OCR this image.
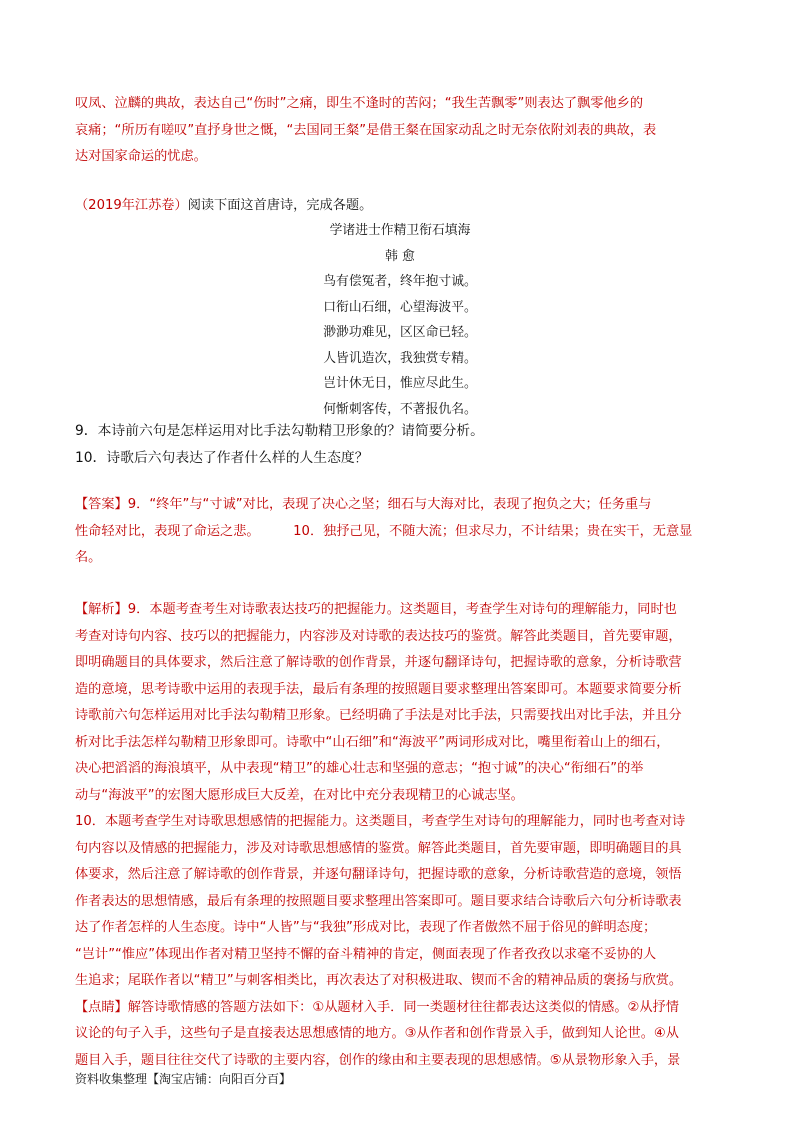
叹凤、泣麟的典故，表达自己“伤时”之痛，即生不逢时的苦闷；“我生苦飘零”则表达了飘零他乡的
哀痛；“所历有嗟叹”直抒身世之慨，“去国同王粲”是借王粲在国家动乱之时无奈依附刘表的典故，表
达对国家命运的忧虑。
（2019年江苏卷）阅读下面这首唐诗，完成各题。
学诸进士作精卫衔石填海
韩 愈
鸟有偿冤者，终年抱寸诚。
口衔山石细，心望海波平。
渺渺功难见，区区命已轻。
人皆讥造次，我独赏专精。
岂计休无日，惟应尽此生。
何惭刺客传，不著报仇名。
9．本诗前六句是怎样运用对比手法勾勒精卫形象的？请简要分析。
10．诗歌后六句表达了作者什么样的人生态度？
【答案】9．“终年”与“寸诚”对比，表现了决心之坚；细石与大海对比，表现了抱负之大；任务重与
性命轻对比，表现了命运之悲。        10．独抒己见，不随大流；但求尽力，不计结果；贵在实干，无意显
名。
【解析】9．本题考查考生对诗歌表达技巧的把握能力。这类题目，考查学生对诗句的理解能力，同时也
考查对诗句内容、技巧以的把握能力，内容涉及对诗歌的表达技巧的鉴赏。解答此类题目，首先要审题，
即明确题目的具体要求，然后注意了解诗歌的创作背景，并逐句翻译诗句，把握诗歌的意象，分析诗歌营
造的意境，思考诗歌中运用的表现手法，最后有条理的按照题目要求整理出答案即可。本题要求简要分析
诗歌前六句怎样运用对比手法勾勒精卫形象。已经明确了手法是对比手法，只需要找出对比手法，并且分
析对比手法怎样勾勒精卫形象即可。诗歌中“山石细”和“海波平”两词形成对比，嘴里衔着山上的细石，
决心把滔滔的海浪填平，从中表现“精卫”的雄心壮志和坚强的意志；“抱寸诚”的决心“衔细石”的举
动与“海波平”的宏图大愿形成巨大反差，在对比中充分表现精卫的心诚志坚。
10．本题考查学生对诗歌思想感情的把握能力。这类题目，考查学生对诗句的理解能力，同时也考查对诗
句内容以及情感的把握能力，涉及对诗歌思想感情的鉴赏。解答此类题目，首先要审题，即明确题目的具
体要求，然后注意了解诗歌的创作背景，并逐句翻译诗句，把握诗歌的意象，分析诗歌营造的意境，领悟
作者表达的思想情感，最后有条理的按照题目要求整理出答案即可。题目要求结合诗歌后六句分析诗歌表
达了作者怎样的人生态度。诗中“人皆”与“我独”形成对比，表现了作者傲然不屈于俗见的鲜明态度；
“岂计”“惟应”体现出作者对精卫坚持不懈的奋斗精神的肯定，侧面表现了作者孜孜以求毫不妥协的人
生追求；尾联作者以“精卫”与刺客相类比，再次表达了对积极进取、锲而不舍的精神品质的褒扬与欣赏。
【点睛】解答诗歌情感的答题方法如下：①从题材入手．同一类题材往往都表达这类似的情感。②从抒情
议论的句子入手，这些句子是直接表达思想感情的地方。③从作者和创作背景入手，做到知人论世。④从
题目入手，题目往往交代了诗歌的主要内容，创作的缘由和主要表现的思想感情。⑤从景物形象入手，景
资料收集整理【淘宝店铺：向阳百分百】
